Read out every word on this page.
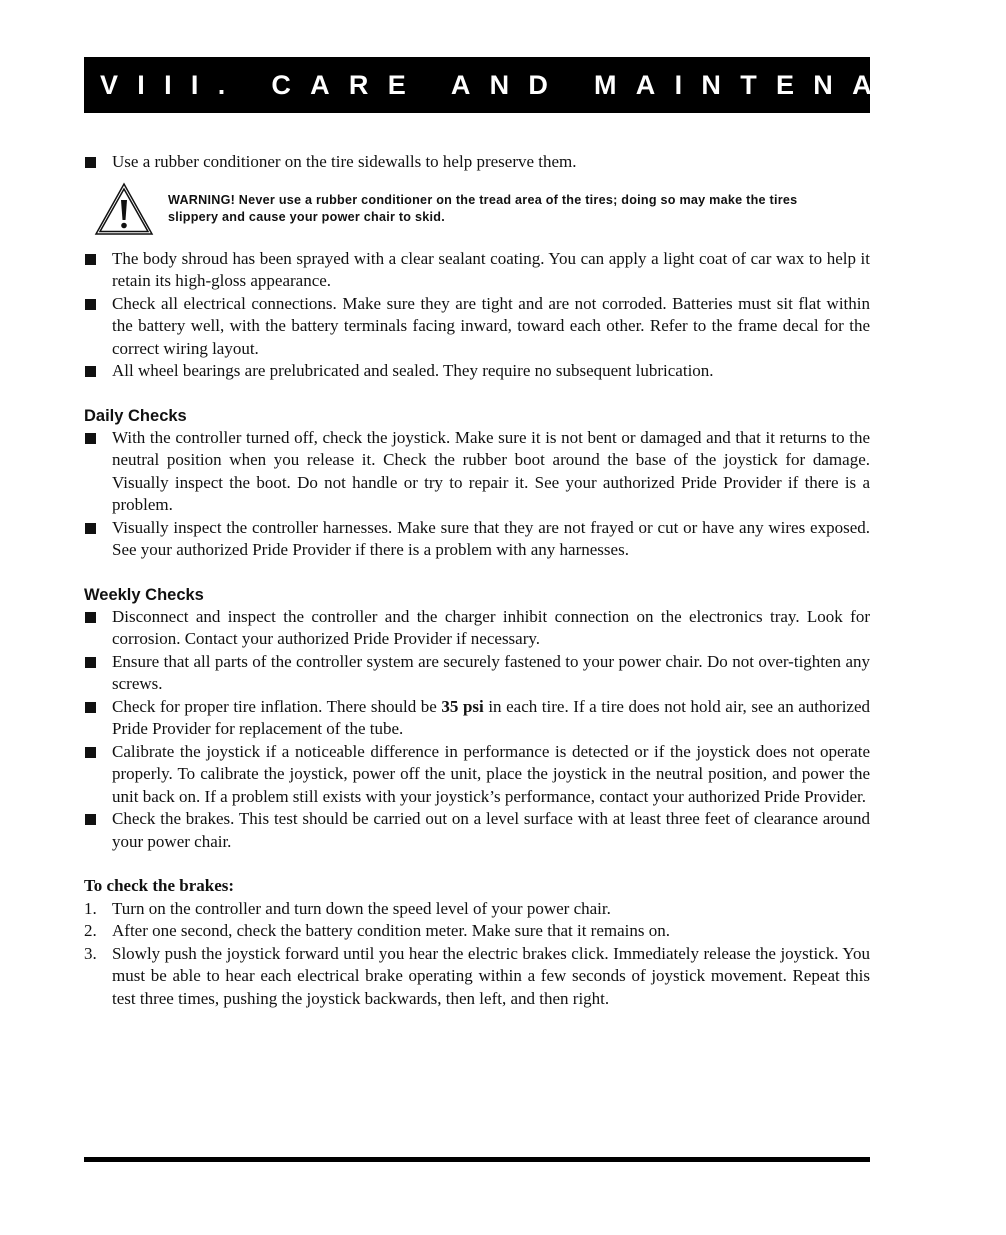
VIII. CARE AND MAINTENANCE
Use a rubber conditioner on the tire sidewalls to help preserve them.
WARNING! Never use a rubber conditioner on the tread area of the tires; doing so may make the tires slippery and cause your power chair to skid.
The body shroud has been sprayed with a clear sealant coating. You can apply a light coat of car wax to help it retain its high-gloss appearance.
Check all electrical connections. Make sure they are tight and are not corroded. Batteries must sit flat within the battery well, with the battery terminals facing inward, toward each other. Refer to the frame decal for the correct wiring layout.
All wheel bearings are prelubricated and sealed. They require no subsequent lubrication.
Daily Checks
With the controller turned off, check the joystick. Make sure it is not bent or damaged and that it returns to the neutral position when you release it. Check the rubber boot around the base of the joystick for damage. Visually inspect the boot. Do not handle or try to repair it. See your authorized Pride Provider if there is a problem.
Visually inspect the controller harnesses. Make sure that they are not frayed or cut or have any wires exposed. See your authorized Pride Provider if there is a problem with any harnesses.
Weekly Checks
Disconnect and inspect the controller and the charger inhibit connection on the electronics tray. Look for corrosion. Contact your authorized Pride Provider if necessary.
Ensure that all parts of the controller system are securely fastened to your power chair. Do not over-tighten any screws.
Check for proper tire inflation. There should be 35 psi in each tire. If a tire does not hold air, see an authorized Pride Provider for replacement of the tube.
Calibrate the joystick if a noticeable difference in performance is detected or if the joystick does not operate properly. To calibrate the joystick, power off the unit, place the joystick in the neutral position, and power the unit back on. If a problem still exists with your joystick’s performance, contact your authorized Pride Provider.
Check the brakes. This test should be carried out on a level surface with at least three feet of clearance around your power chair.
To check the brakes:
1. Turn on the controller and turn down the speed level of your power chair.
2. After one second, check the battery condition meter. Make sure that it remains on.
3. Slowly push the joystick forward until you hear the electric brakes click. Immediately release the joystick. You must be able to hear each electrical brake operating within a few seconds of joystick movement. Repeat this test three times, pushing the joystick backwards, then left, and then right.
